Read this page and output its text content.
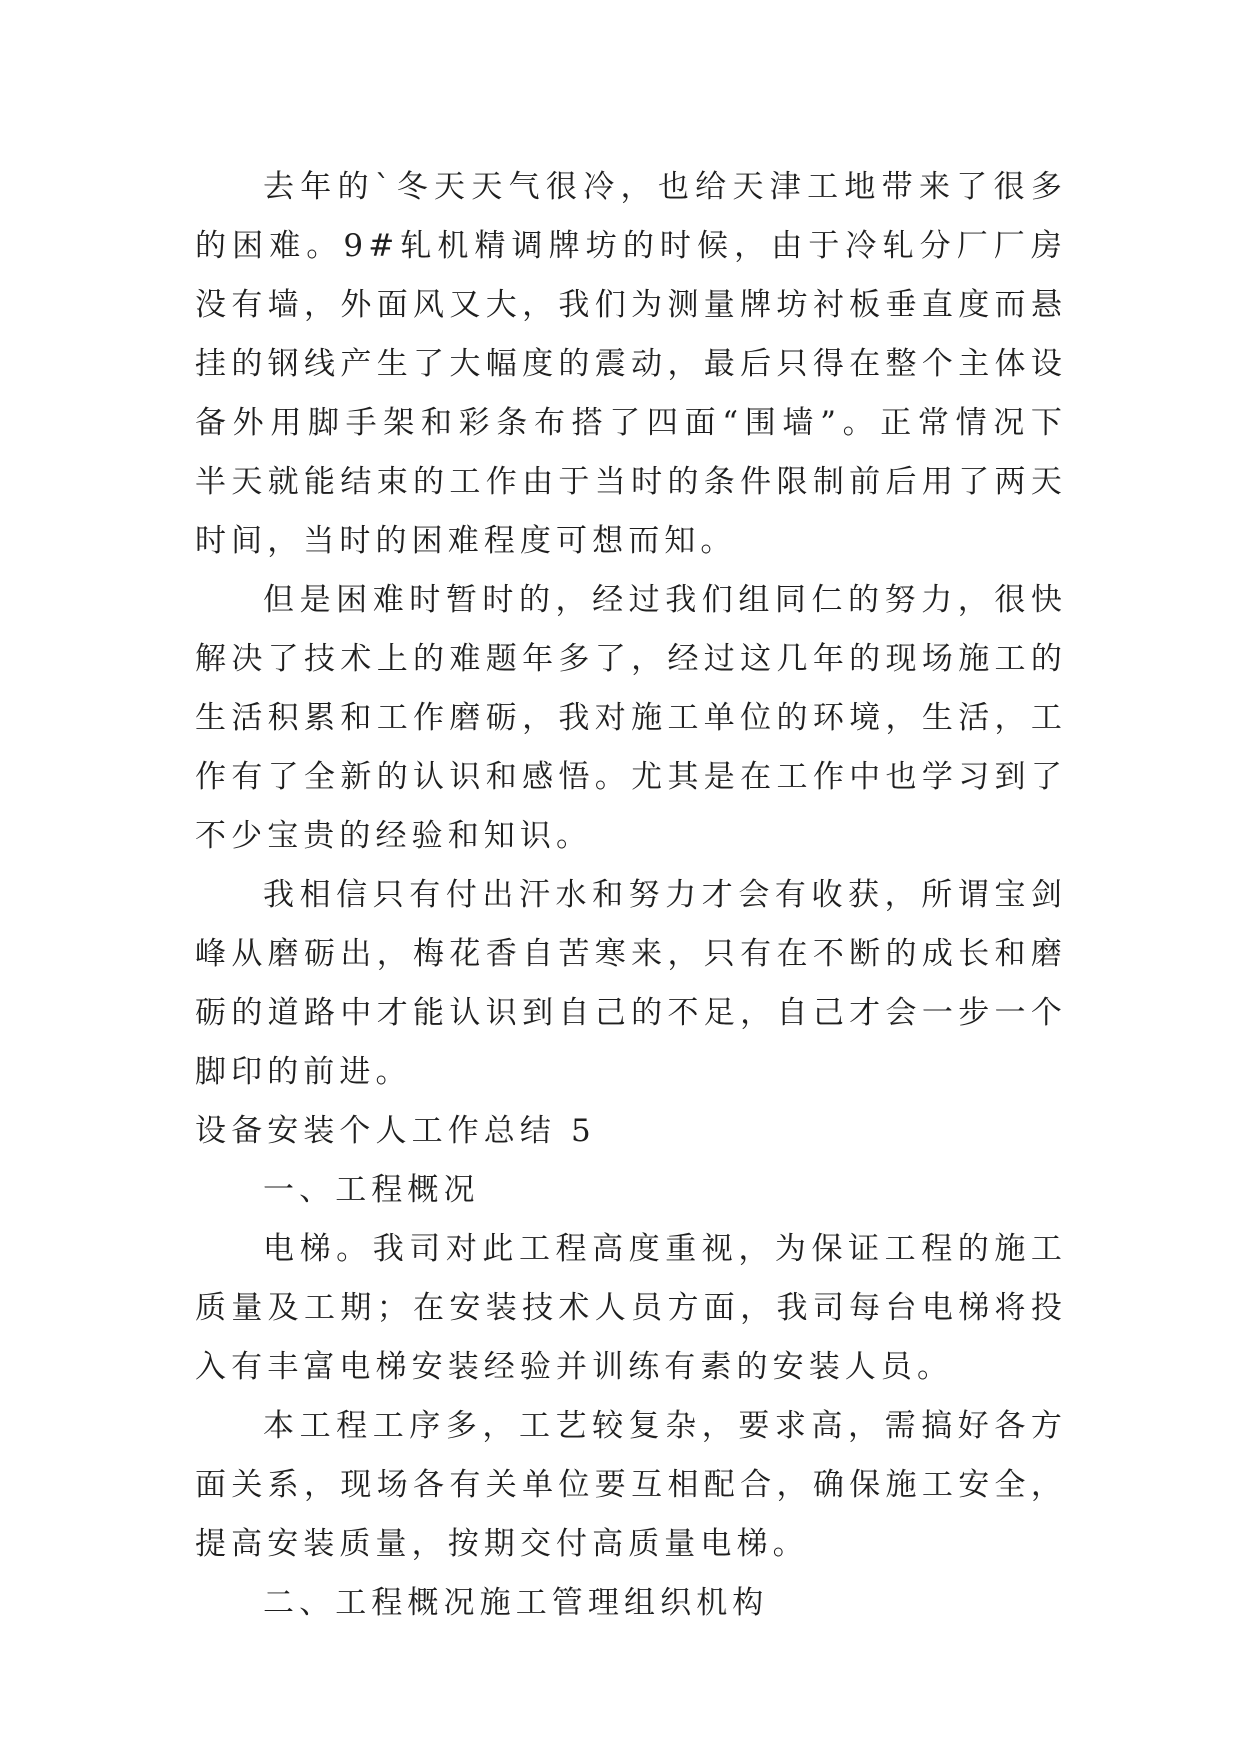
去年的`冬天天气很冷，也给天津工地带来了很多的困难。9#轧机精调牌坊的时候，由于冷轧分厂厂房没有墙，外面风又大，我们为测量牌坊衬板垂直度而悬挂的钢线产生了大幅度的震动，最后只得在整个主体设备外用脚手架和彩条布搭了四面“围墙”。正常情况下半天就能结束的工作由于当时的条件限制前后用了两天时间，当时的困难程度可想而知。

但是困难时暂时的，经过我们组同仁的努力，很快解决了技术上的难题年多了，经过这几年的现场施工的生活积累和工作磨砺，我对施工单位的环境，生活，工作有了全新的认识和感悟。尤其是在工作中也学习到了不少宝贵的经验和知识。

我相信只有付出汗水和努力才会有收获，所谓宝剑峰从磨砺出，梅花香自苦寒来，只有在不断的成长和磨砺的道路中才能认识到自己的不足，自己才会一步一个脚印的前进。

设备安装个人工作总结 5

一、工程概况

电梯。我司对此工程高度重视，为保证工程的施工质量及工期；在安装技术人员方面，我司每台电梯将投入有丰富电梯安装经验并训练有素的安装人员。

本工程工序多，工艺较复杂，要求高，需搞好各方面关系，现场各有关单位要互相配合，确保施工安全，提高安装质量，按期交付高质量电梯。

二、工程概况施工管理组织机构
